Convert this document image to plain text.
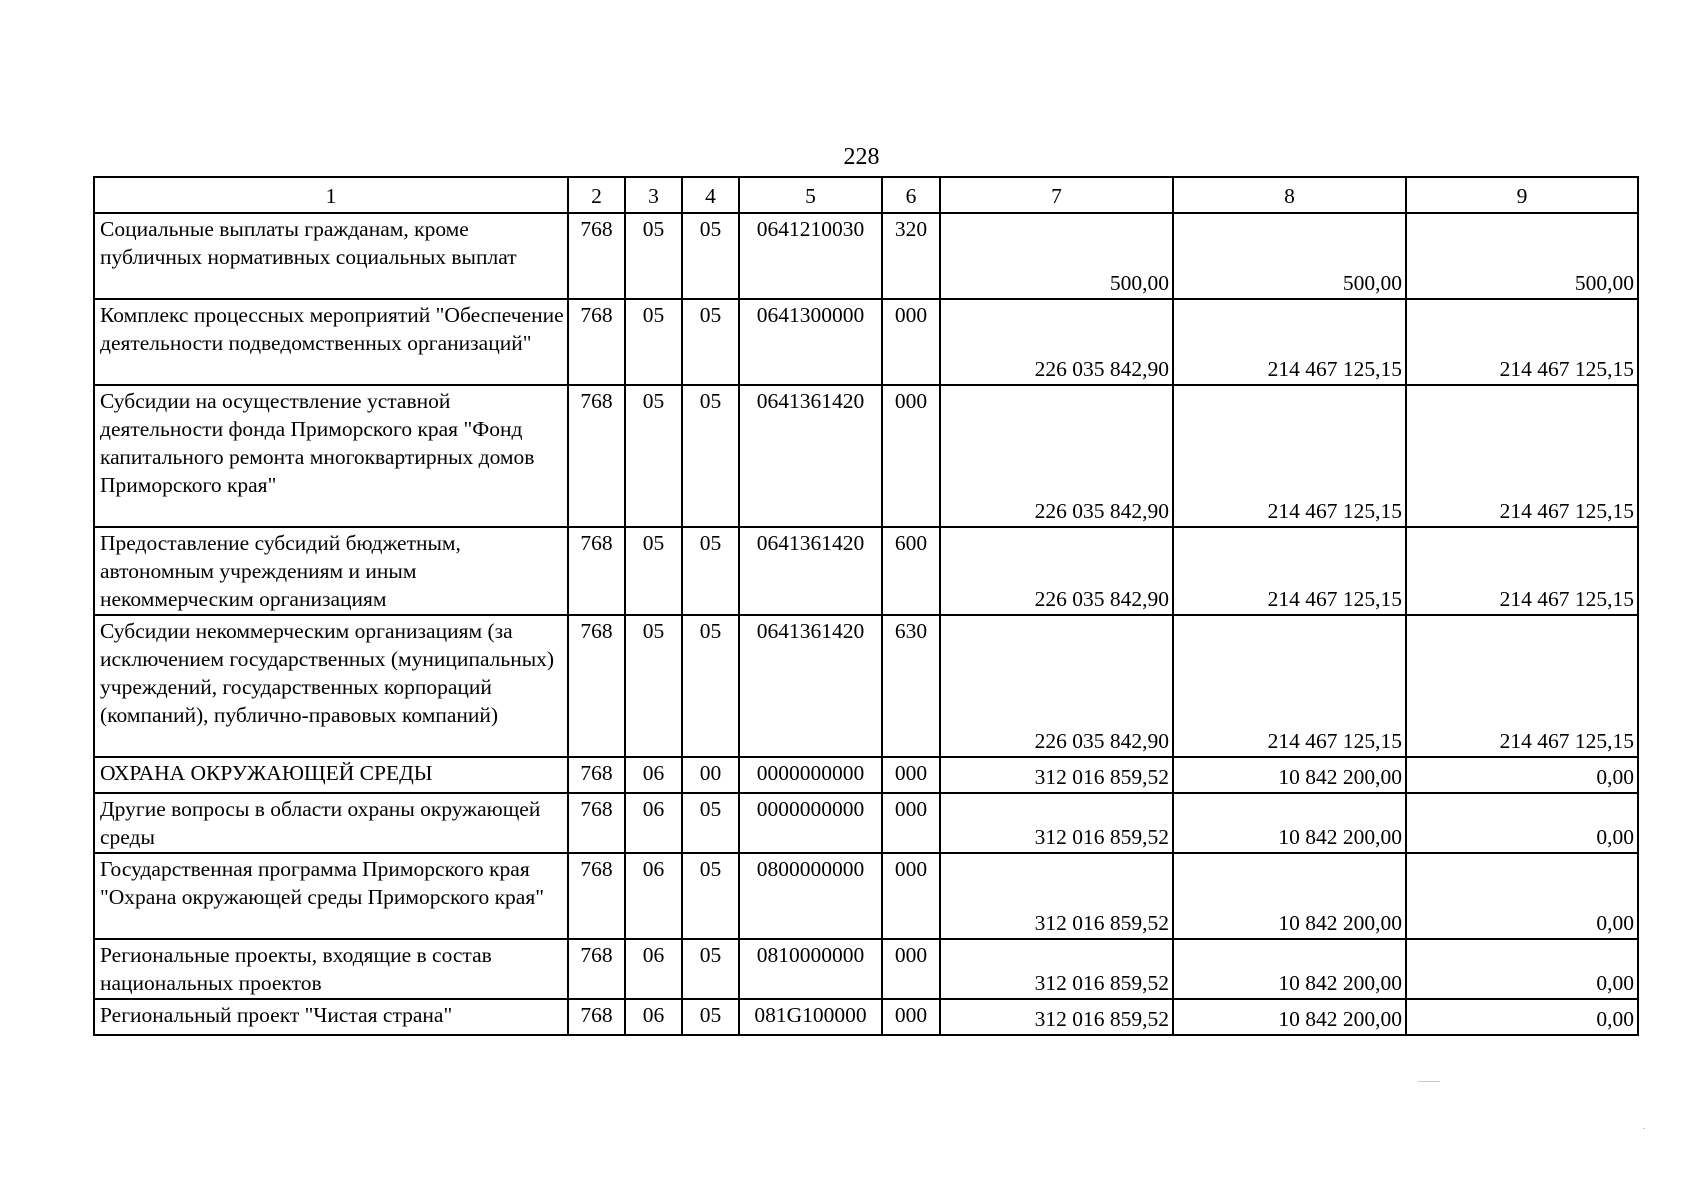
228
1	2	3	4	5	6	7	8	9
Социальные выплаты гражданам, кроме публичных нормативных социальных выплат	768	05	05	0641210030	320	500,00	500,00	500,00
Комплекс процессных мероприятий "Обеспечение деятельности подведомственных организаций"	768	05	05	0641300000	000	226 035 842,90	214 467 125,15	214 467 125,15
Субсидии на осуществление уставной деятельности фонда Приморского края "Фонд капитального ремонта многоквартирных домов Приморского края"	768	05	05	0641361420	000	226 035 842,90	214 467 125,15	214 467 125,15
Предоставление субсидий бюджетным, автономным учреждениям и иным некоммерческим организациям	768	05	05	0641361420	600	226 035 842,90	214 467 125,15	214 467 125,15
Субсидии некоммерческим организациям (за исключением государственных (муниципальных) учреждений, государственных корпораций (компаний), публично-правовых компаний)	768	05	05	0641361420	630	226 035 842,90	214 467 125,15	214 467 125,15
ОХРАНА ОКРУЖАЮЩЕЙ СРЕДЫ	768	06	00	0000000000	000	312 016 859,52	10 842 200,00	0,00
Другие вопросы в области охраны окружающей среды	768	06	05	0000000000	000	312 016 859,52	10 842 200,00	0,00
Государственная программа Приморского края "Охрана окружающей среды Приморского края"	768	06	05	0800000000	000	312 016 859,52	10 842 200,00	0,00
Региональные проекты, входящие в состав национальных проектов	768	06	05	0810000000	000	312 016 859,52	10 842 200,00	0,00
Региональный проект "Чистая страна"	768	06	05	081G100000	000	312 016 859,52	10 842 200,00	0,00
